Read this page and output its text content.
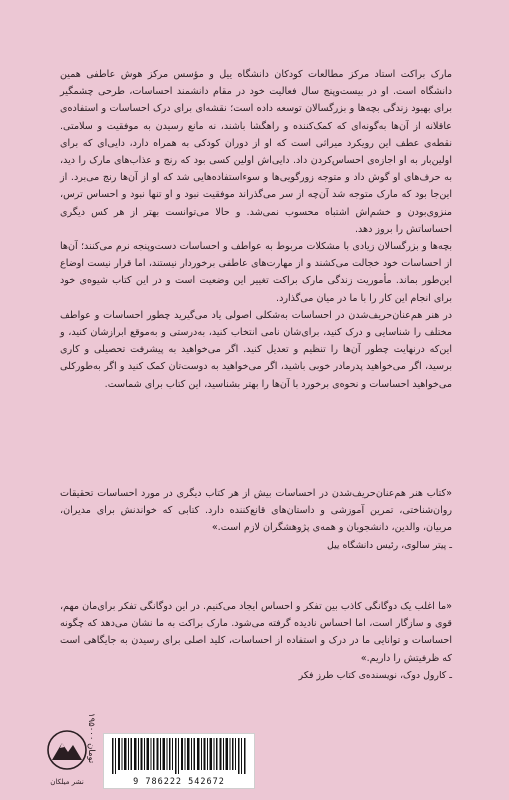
مارک براکت استاد مرکز مطالعات کودکان دانشگاه ییل و مؤسس مرکز هوش عاطفی همین دانشگاه است. او در بیست‌وپنج سال فعالیت خود در مقام دانشمند احساسات، طرحی چشمگیر برای بهبود زندگی بچه‌ها و بزرگسالان توسعه داده است؛ نقشه‌ای برای درک احساسات و استفاده‌ی عاقلانه از آن‌ها به‌گونه‌ای که کمک‌کننده و راهگشا باشند، نه مانع رسیدن به موفقیت و سلامتی. نقطه‌ی عطف این رویکرد میراثی است که او از دوران کودکی به همراه دارد، دایی‌ای که برای اولین‌بار به او اجازه‌ی احساس‌کردن داد. دایی‌اش اولین کسی بود که رنج و عذاب‌های مارک را دید، به حرف‌های او گوش داد و متوجه زورگویی‌ها و سوءاستفاده‌هایی شد که او از آن‌ها رنج می‌برد. از این‌جا بود که مارک متوجه شد آن‌چه از سر می‌گذراند موفقیت نبود و او تنها نبود و احساس ترس، منزوی‌بودن و خشم‌اش اشتباه محسوب نمی‌شد. و حالا می‌توانست بهتر از هر کس دیگری احساساتش را بروز دهد.

بچه‌ها و بزرگسالان زیادی با مشکلات مربوط به عواطف و احساسات دست‌وپنجه نرم می‌کنند؛ آن‌ها از احساسات خود خجالت می‌کشند و از مهارت‌های عاطفی برخوردار نیستند، اما قرار نیست اوضاع این‌طور بماند. مأموریت زندگی مارک براکت تغییر این وضعیت است و در این کتاب شیوه‌ی خود برای انجام این کار را با ما در میان می‌گذارد.

در هنر هم‌عنان‌حریف‌شدن در احساسات به‌شکلی اصولی یاد می‌گیرید چطور احساسات و عواطف مختلف را شناسایی و درک کنید، برای‌شان نامی انتخاب کنید، به‌درستی و به‌موقع ابرازشان کنید، و این‌که درنهایت چطور آن‌ها را تنظیم و تعدیل کنید. اگر می‌خواهید به پیشرفت تحصیلی و کاری برسید، اگر می‌خواهید پدرمادر خوبی باشید، اگر می‌خواهید به دوست‌تان کمک کنید و اگر به‌طورکلی می‌خواهید احساسات و نحوه‌ی برخورد با آن‌ها را بهتر بشناسید، این کتاب برای شماست.

«کتاب هنر هم‌عنان‌حریف‌شدن در احساسات بیش از هر کتاب دیگری در مورد احساسات تحقیقات روان‌شناختی، تمرین آموزشی و داستان‌های قانع‌کننده دارد. کتابی که خواندنش برای مدیران، مربیان، والدین، دانشجویان و همه‌ی پژوهشگران لازم است.»

ـ پیتر سالوی، رئیس دانشگاه ییل

«ما اغلب یک دوگانگی کاذب بین تفکر و احساس ایجاد می‌کنیم. در این دوگانگی تفکر برای‌مان مهم، قوی و سازگار است، اما احساس نادیده گرفته می‌شود. مارک براکت به ما نشان می‌دهد که چگونه احساسات و توانایی ما در درک و استفاده از احساسات، کلید اصلی برای رسیدن به جایگاهی است که ظرفیتش را داریم.»

ـ کارول دوک، نویسنده‌ی کتاب طرز فکر

نشر میلکان
۱۹۵۰۰۰ تومان
9 786222 542672
